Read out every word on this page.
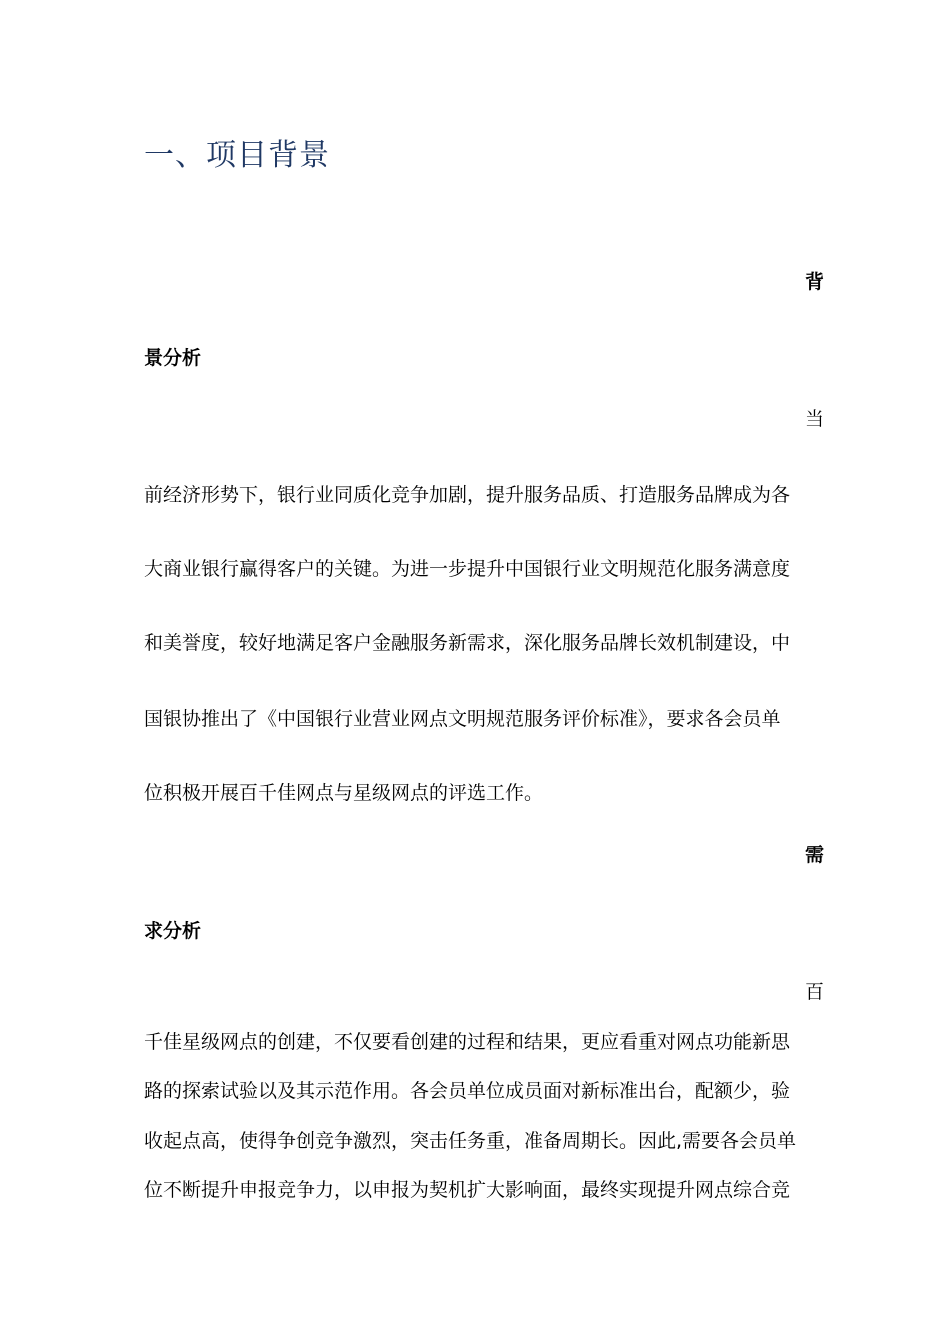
一、项目背景
背
景分析
当
前经济形势下，银行业同质化竞争加剧，提升服务品质、打造服务品牌成为各
大商业银行赢得客户的关键。为进一步提升中国银行业文明规范化服务满意度
和美誉度，较好地满足客户金融服务新需求，深化服务品牌长效机制建设，中
国银协推出了《中国银行业营业网点文明规范服务评价标准》，要求各会员单
位积极开展百千佳网点与星级网点的评选工作。
需
求分析
百
千佳星级网点的创建，不仅要看创建的过程和结果，更应看重对网点功能新思
路的探索试验以及其示范作用。各会员单位成员面对新标准出台，配额少，验
收起点高，使得争创竞争激烈，突击任务重，准备周期长。因此,需要各会员单
位不断提升申报竞争力，以申报为契机扩大影响面，最终实现提升网点综合竞
